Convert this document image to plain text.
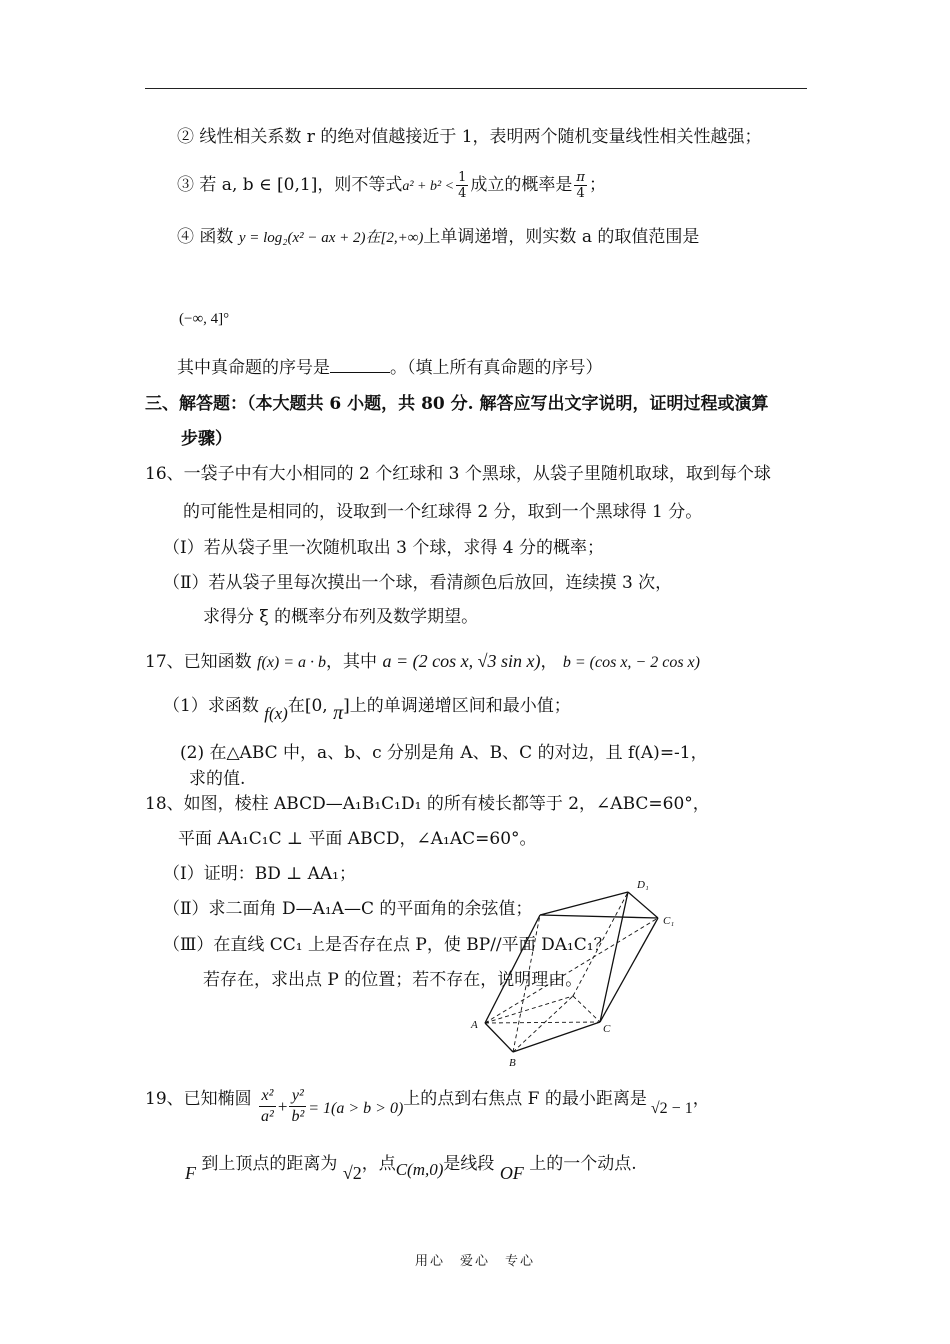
② 线性相关系数 r 的绝对值越接近于 1，表明两个随机变量线性相关性越强；
③ 若 a, b ∈ [0,1]，则不等式$a^2 + b^2 < \frac{1}{4}$ 成立的概率是 $\frac{\pi}{4}$ ；
④ 函数 y = log₂(x² − ax + 2)在[2,+∞)上单调递增，则实数 a 的取值范围是
(−∞, 4]°
其中真命题的序号是	。（填上所有真命题的序号）
三、解答题：（本大题共 6 小题，共 80 分. 解答应写出文字说明，证明过程或演算
步骤）
16、一袋子中有大小相同的 2 个红球和 3 个黑球，从袋子里随机取球，取到每个球
的可能性是相同的，设取到一个红球得 2 分，取到一个黑球得 1 分。
（Ⅰ）若从袋子里一次随机取出 3 个球，求得 4 分的概率；
（Ⅱ）若从袋子里每次摸出一个球，看清颜色后放回，连续摸 3 次，
求得分 ξ 的概率分布列及数学期望。
17、已知函数 f(x) = a · b，其中 a = (2 cos x, √3 sin x)， b = (cos x, − 2 cos x)
（1）求函数 f(x)在[0, π]上的单调递增区间和最小值；
(2) 在△ABC 中，a、b、c 分别是角 A、B、C 的对边，且 f(A)=-1，
求的值.
18、如图，棱柱 ABCD—A₁B₁C₁D₁ 的所有棱长都等于 2，∠ABC=60°，
平面 AA₁C₁C ⊥ 平面 ABCD，∠A₁AC=60°。
（Ⅰ）证明：BD ⊥ AA₁；
（Ⅱ）求二面角 D—A₁A—C 的平面角的余弦值；
（Ⅲ）在直线 CC₁ 上是否存在点 P，使 BP//平面 DA₁C₁？
若存在，求出点 P 的位置；若不存在，说明理由。
D₁
C₁
A	C
B
19、已知椭圆 $\frac{\text{x²}}{\text{a²}} + \frac{\text{y²}}{\text{b²}} = 1(a > b > 0)$上的点到右焦点 F 的最小距离是 √2 − 1，
F 到上顶点的距离为 √2，点C(m,0)是线段 OF 上的一个动点.
用心　爱心　专心
